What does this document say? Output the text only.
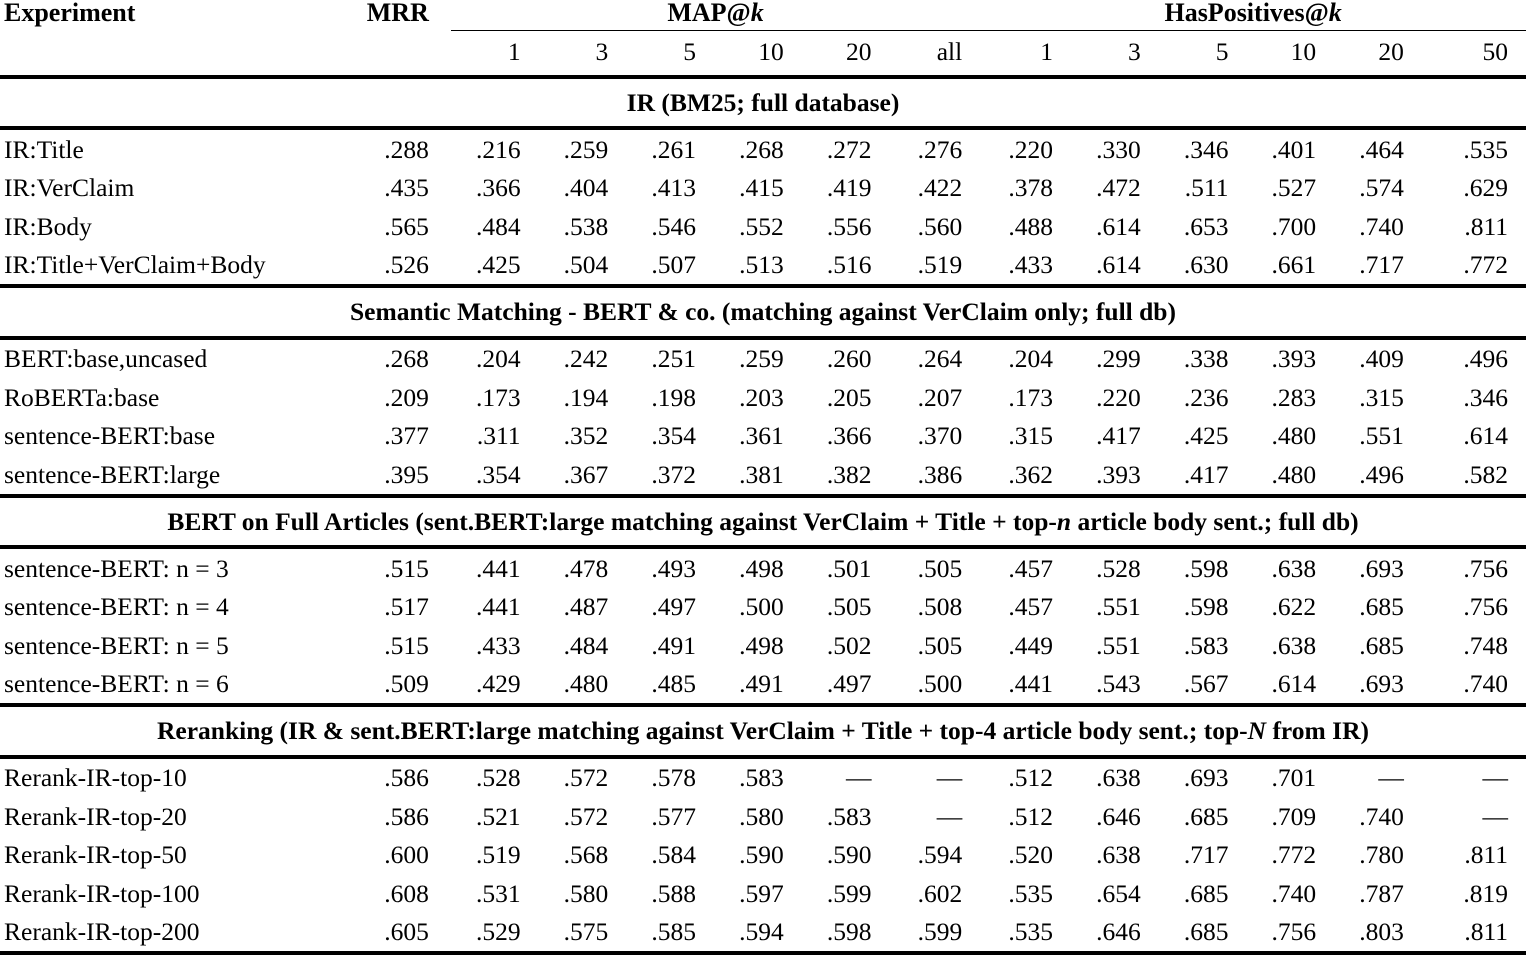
Experiment	MRR	MAP@k						HasPositives@k					
		1	3	5	10	20	all	1	3	5	10	20	50

IR (BM25; full database)													

IR:Title	.288	.216	.259	.261	.268	.272	.276	.220	.330	.346	.401	.464	.535
IR:VerClaim	.435	.366	.404	.413	.415	.419	.422	.378	.472	.511	.527	.574	.629
IR:Body	.565	.484	.538	.546	.552	.556	.560	.488	.614	.653	.700	.740	.811
IR:Title+VerClaim+Body	.526	.425	.504	.507	.513	.516	.519	.433	.614	.630	.661	.717	.772

Semantic Matching - BERT & co. (matching against VerClaim only; full db)													

BERT:base,uncased	.268	.204	.242	.251	.259	.260	.264	.204	.299	.338	.393	.409	.496
RoBERTa:base	.209	.173	.194	.198	.203	.205	.207	.173	.220	.236	.283	.315	.346
sentence-BERT:base	.377	.311	.352	.354	.361	.366	.370	.315	.417	.425	.480	.551	.614
sentence-BERT:large	.395	.354	.367	.372	.381	.382	.386	.362	.393	.417	.480	.496	.582

BERT on Full Articles (sent.BERT:large matching against VerClaim + Title + top-n article body sent.; full db)													

sentence-BERT: n = 3	.515	.441	.478	.493	.498	.501	.505	.457	.528	.598	.638	.693	.756
sentence-BERT: n = 4	.517	.441	.487	.497	.500	.505	.508	.457	.551	.598	.622	.685	.756
sentence-BERT: n = 5	.515	.433	.484	.491	.498	.502	.505	.449	.551	.583	.638	.685	.748
sentence-BERT: n = 6	.509	.429	.480	.485	.491	.497	.500	.441	.543	.567	.614	.693	.740

Reranking (IR & sent.BERT:large matching against VerClaim + Title + top-4 article body sent.; top-N from IR)													

Rerank-IR-top-10	.586	.528	.572	.578	.583	—	—	.512	.638	.693	.701	—	—
Rerank-IR-top-20	.586	.521	.572	.577	.580	.583	—	.512	.646	.685	.709	.740	—
Rerank-IR-top-50	.600	.519	.568	.584	.590	.590	.594	.520	.638	.717	.772	.780	.811
Rerank-IR-top-100	.608	.531	.580	.588	.597	.599	.602	.535	.654	.685	.740	.787	.819
Rerank-IR-top-200	.605	.529	.575	.585	.594	.598	.599	.535	.646	.685	.756	.803	.811
